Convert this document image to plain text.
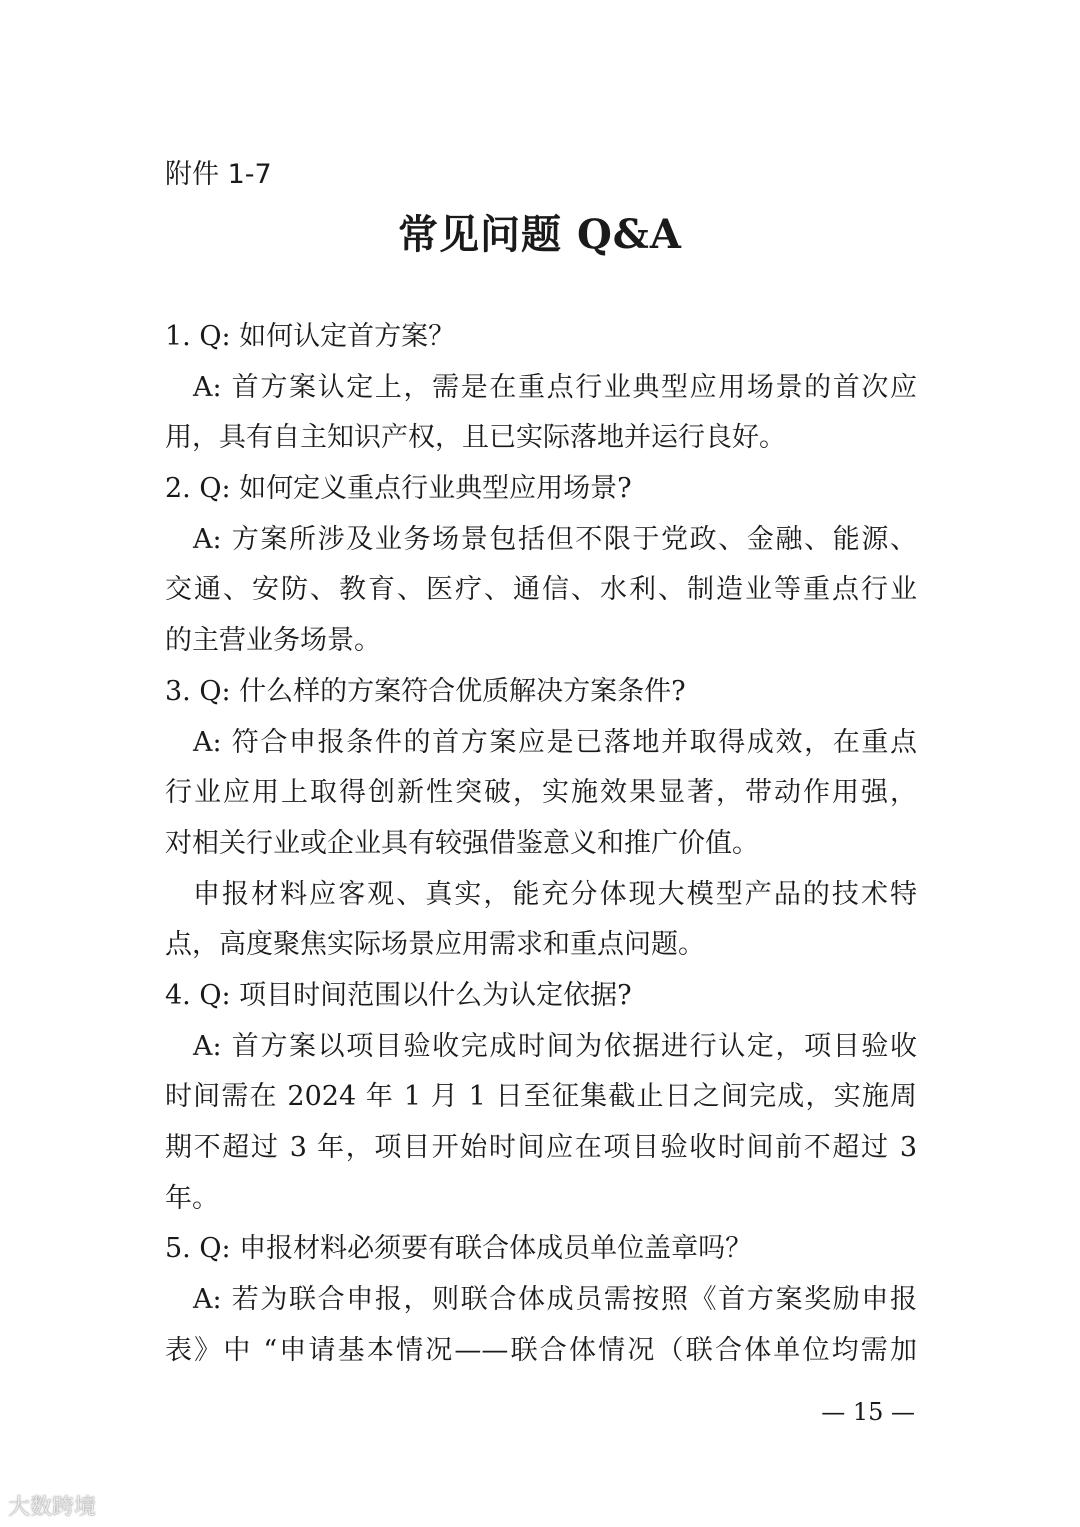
附件 1-7
常见问题 Q&A
1. Q: 如何认定首方案？
A: 首方案认定上，需是在重点行业典型应用场景的首次应
用，具有自主知识产权，且已实际落地并运行良好。
2. Q: 如何定义重点行业典型应用场景?
A: 方案所涉及业务场景包括但不限于党政、金融、能源、
交通、安防、教育、医疗、通信、水利、制造业等重点行业
的主营业务场景。
3. Q: 什么样的方案符合优质解决方案条件?
A: 符合申报条件的首方案应是已落地并取得成效，在重点
行业应用上取得创新性突破，实施效果显著，带动作用强，
对相关行业或企业具有较强借鉴意义和推广价值。
申报材料应客观、真实，能充分体现大模型产品的技术特
点，高度聚焦实际场景应用需求和重点问题。
4. Q: 项目时间范围以什么为认定依据?
A: 首方案以项目验收完成时间为依据进行认定，项目验收
时间需在 2024 年 1 月 1 日至征集截止日之间完成，实施周
期不超过 3 年，项目开始时间应在项目验收时间前不超过 3
年。
5. Q: 申报材料必须要有联合体成员单位盖章吗？
A: 若为联合申报，则联合体成员需按照《首方案奖励申报
表》中 “申请基本情况——联合体情况（联合体单位均需加
— 15 —
大数跨境
